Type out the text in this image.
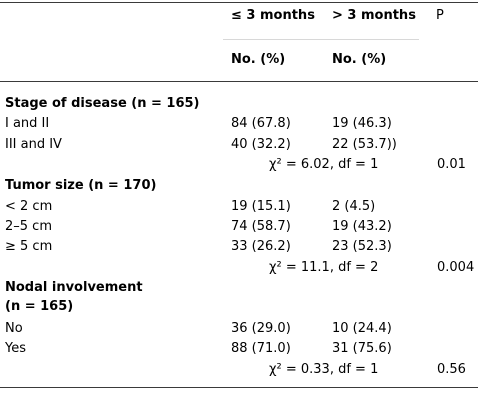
≤ 3 months > 3 months P
No. (%)	No. (%)
Stage of disease (n = 165)
I and II	84 (67.8)	19 (46.3)
III and IV	40 (32.2)	22 (53.7))
χ² = 6.02, df = 1	0.01
Tumor size (n = 170)
< 2 cm	19 (15.1)	2 (4.5)
2–5 cm	74 (58.7)	19 (43.2)
≥ 5 cm	33 (26.2)	23 (52.3)
χ² = 11.1, df = 2	0.004
Nodal involvement
(n = 165)
No	36 (29.0)	10 (24.4)
Yes	88 (71.0)	31 (75.6)
χ² = 0.33, df = 1	0.56
